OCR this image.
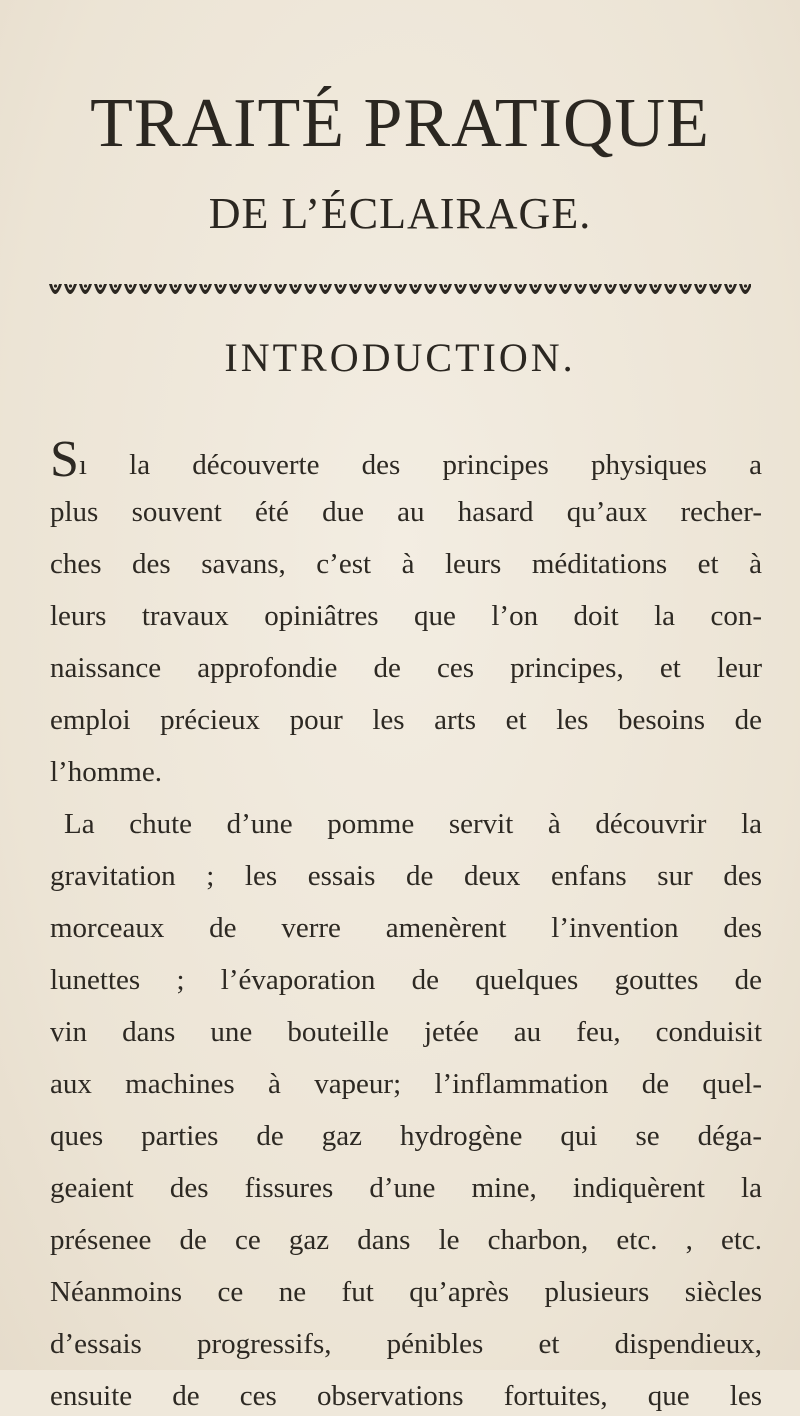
TRAITÉ PRATIQUE
DE L’ÉCLAIRAGE.
INTRODUCTION.
Sı la découverte des principes physiques a
plus souvent été due au hasard qu’aux recher-
ches des savans, c’est à leurs méditations et à
leurs travaux opiniâtres que l’on doit la con-
naissance approfondie de ces principes, et leur
emploi précieux pour les arts et les besoins de
l’homme.
La chute d’une pomme servit à découvrir la
gravitation ; les essais de deux enfans sur des
morceaux de verre amenèrent l’invention des
lunettes ; l’évaporation de quelques gouttes de
vin dans une bouteille jetée au feu, conduisit
aux machines à vapeur; l’inflammation de quel-
ques parties de gaz hydrogène qui se déga-
geaient des fissures d’une mine, indiquèrent la
présenee de ce gaz dans le charbon, etc. , etc.
Néanmoins ce ne fut qu’après plusieurs siècles
d’essais progressifs, pénibles et dispendieux,
ensuite de ces observations fortuites, que les
